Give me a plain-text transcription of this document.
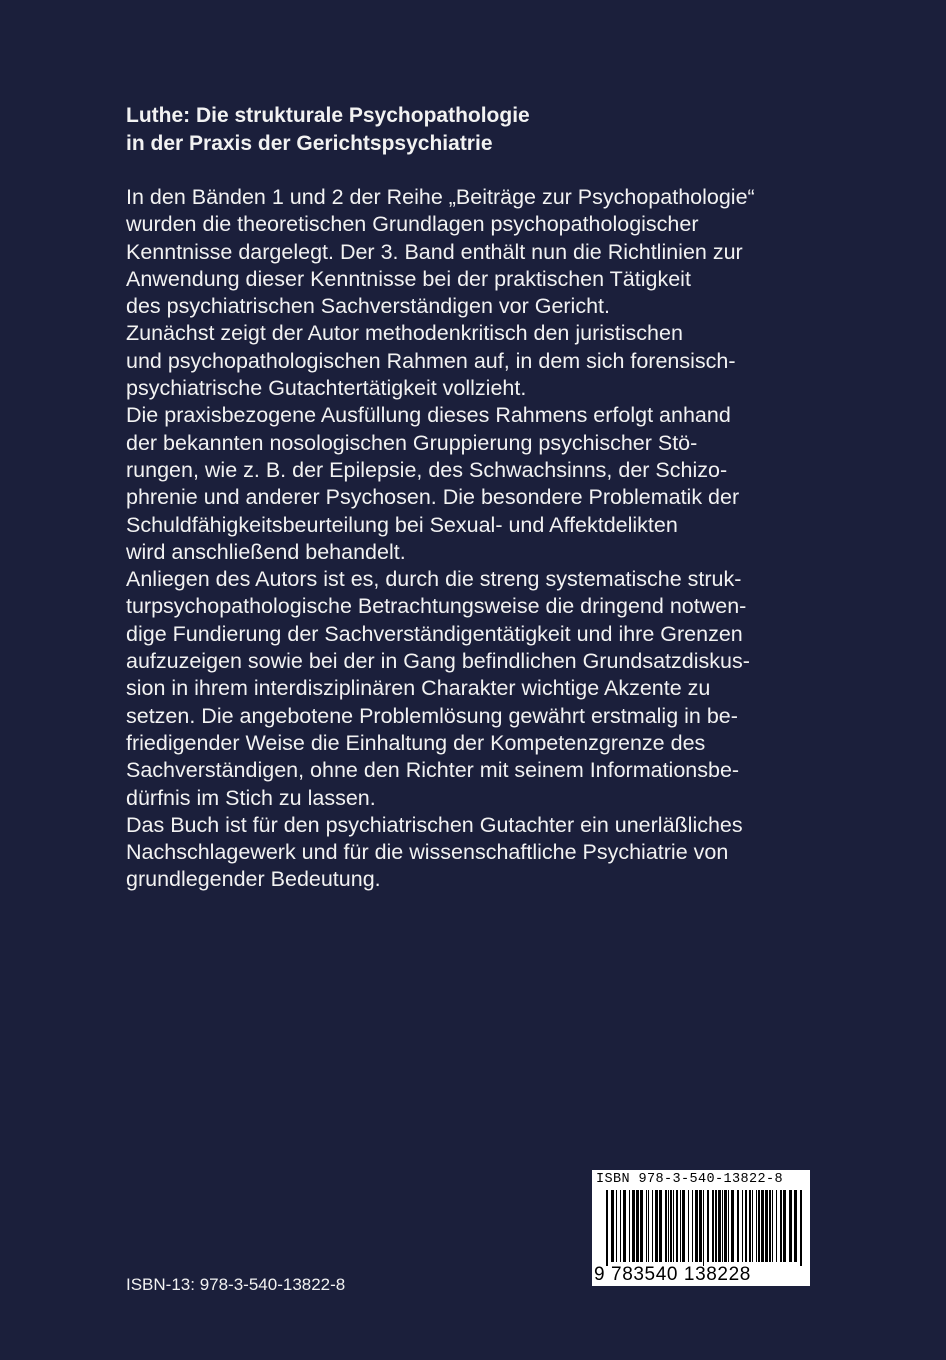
Luthe: Die strukturale Psychopathologie
in der Praxis der Gerichtspsychiatrie
In den Bänden 1 und 2 der Reihe „Beiträge zur Psychopathologie“
wurden die theoretischen Grundlagen psychopathologischer
Kenntnisse dargelegt. Der 3. Band enthält nun die Richtlinien zur
Anwendung dieser Kenntnisse bei der praktischen Tätigkeit
des psychiatrischen Sachverständigen vor Gericht.
Zunächst zeigt der Autor methodenkritisch den juristischen
und psychopathologischen Rahmen auf, in dem sich forensisch-
psychiatrische Gutachtertätigkeit vollzieht.
Die praxisbezogene Ausfüllung dieses Rahmens erfolgt anhand
der bekannten nosologischen Gruppierung psychischer Stö-
rungen, wie z. B. der Epilepsie, des Schwachsinns, der Schizo-
phrenie und anderer Psychosen. Die besondere Problematik der
Schuldfähigkeitsbeurteilung bei Sexual- und Affektdelikten
wird anschließend behandelt.
Anliegen des Autors ist es, durch die streng systematische struk-
turpsychopathologische Betrachtungsweise die dringend notwen-
dige Fundierung der Sachverständigentätigkeit und ihre Grenzen
aufzuzeigen sowie bei der in Gang befindlichen Grundsatzdiskus-
sion in ihrem interdisziplinären Charakter wichtige Akzente zu
setzen. Die angebotene Problemlösung gewährt erstmalig in be-
friedigender Weise die Einhaltung der Kompetenzgrenze des
Sachverständigen, ohne den Richter mit seinem Informationsbe-
dürfnis im Stich zu lassen.
Das Buch ist für den psychiatrischen Gutachter ein unerläßliches
Nachschlagewerk und für die wissenschaftliche Psychiatrie von
grundlegender Bedeutung.
ISBN-13: 978-3-540-13822-8
ISBN 978-3-540-13822-8
9 783540 138228
